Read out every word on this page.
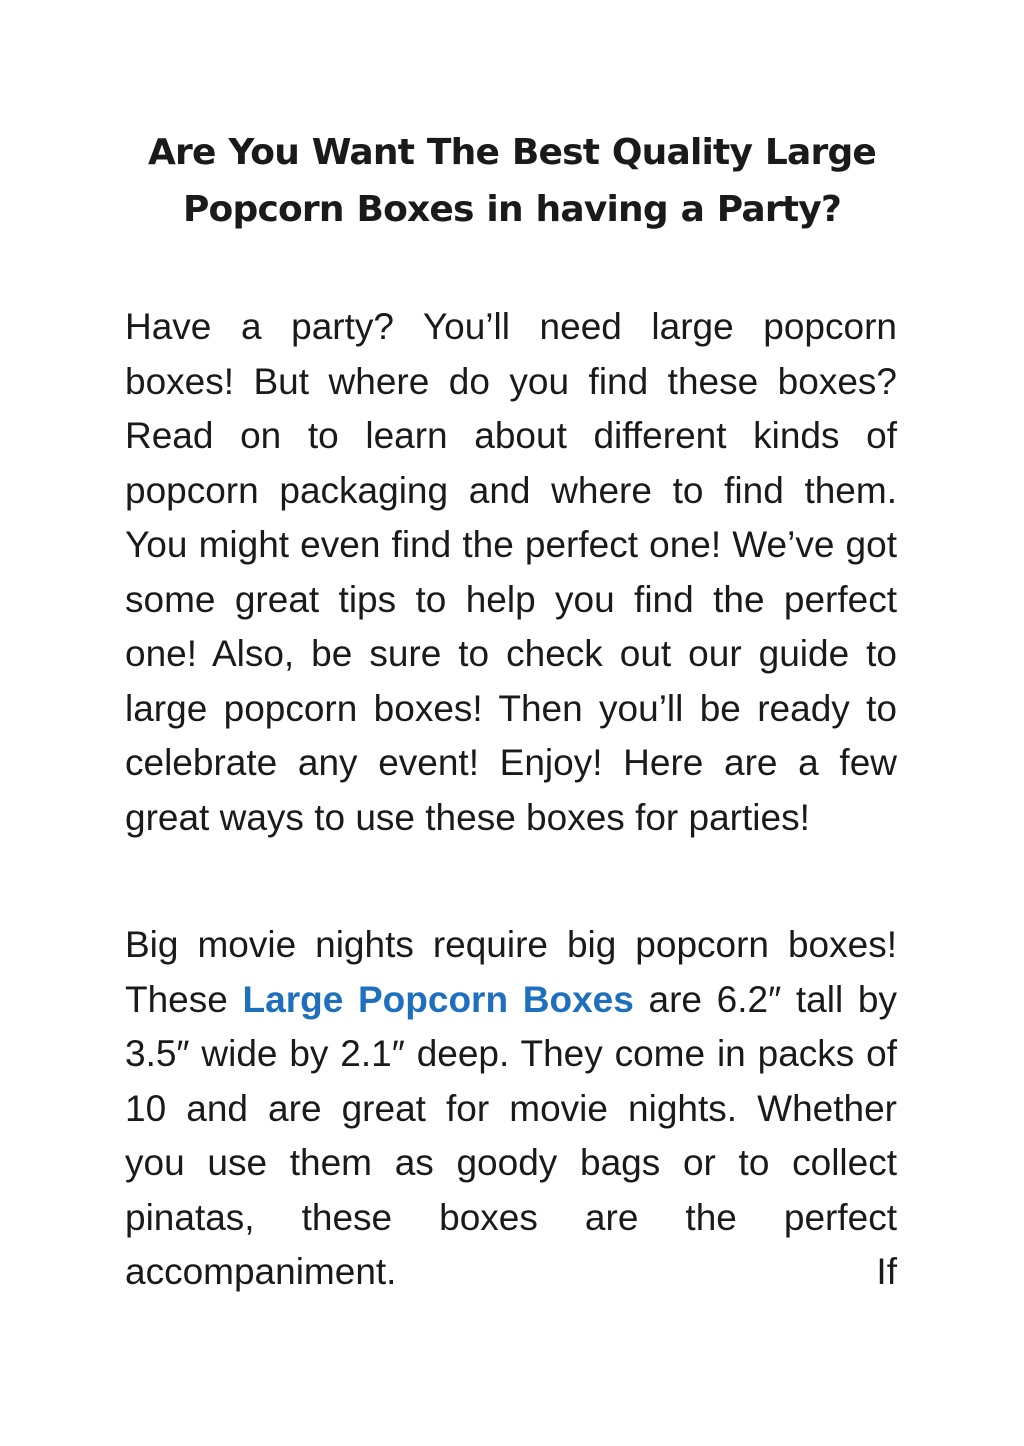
Are You Want The Best Quality Large Popcorn Boxes in having a Party?

Have a party? You’ll need large popcorn boxes! But where do you find these boxes? Read on to learn about different kinds of popcorn packaging and where to find them. You might even find the perfect one! We’ve got some great tips to help you find the perfect one! Also, be sure to check out our guide to large popcorn boxes! Then you’ll be ready to celebrate any event! Enjoy! Here are a few great ways to use these boxes for parties!

Big movie nights require big popcorn boxes! These Large Popcorn Boxes are 6.2″ tall by 3.5″ wide by 2.1″ deep. They come in packs of 10 and are great for movie nights. Whether you use them as goody bags or to collect pinatas, these boxes are the perfect accompaniment. If
